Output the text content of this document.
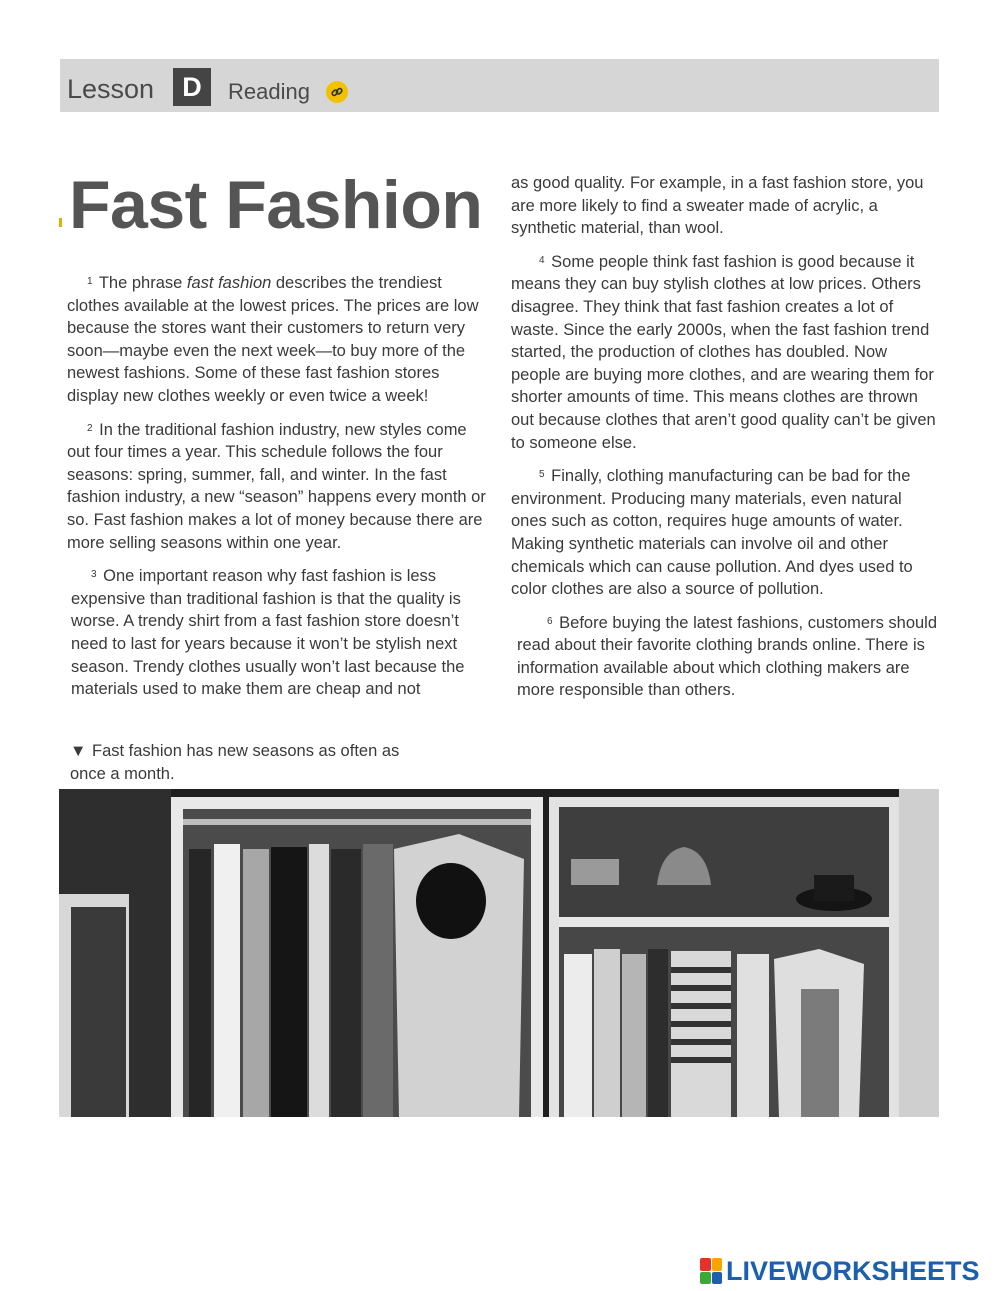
Lesson	D	Reading
Fast Fashion

$^1$ The phrase fast fashion describes the trendiest clothes available at the lowest prices. The prices are low because the stores want their customers to return very soon—maybe even the next week—to buy more of the newest fashions. Some of these fast fashion stores display new clothes weekly or even twice a week!

$^2$ In the traditional fashion industry, new styles come out four times a year. This schedule follows the four seasons: spring, summer, fall, and winter. In the fast fashion industry, a new “season” happens every month or so. Fast fashion makes a lot of money because there are more selling seasons within one year.

$^3$ One important reason why fast fashion is less expensive than traditional fashion is that the quality is worse. A trendy shirt from a fast fashion store doesn’t need to last for years because it won’t be stylish next season. Trendy clothes usually won’t last because the materials used to make them are cheap and not

as good quality. For example, in a fast fashion store, you are more likely to find a sweater made of acrylic, a synthetic material, than wool.

$^4$ Some people think fast fashion is good because it means they can buy stylish clothes at low prices. Others disagree. They think that fast fashion creates a lot of waste. Since the early 2000s, when the fast fashion trend started, the production of clothes has doubled. Now people are buying more clothes, and are wearing them for shorter amounts of time. This means clothes are thrown out because clothes that aren’t good quality can’t be given to someone else.

$^5$ Finally, clothing manufacturing can be bad for the environment. Producing many materials, even natural ones such as cotton, requires huge amounts of water. Making synthetic materials can involve oil and other chemicals which can cause pollution. And dyes used to color clothes are also a source of pollution.

$^6$ Before buying the latest fashions, customers should read about their favorite clothing brands online. There is information available about which clothing makers are more responsible than others.

▼ Fast fashion has new seasons as often as once a month.
LIVEWORKSHEETS
